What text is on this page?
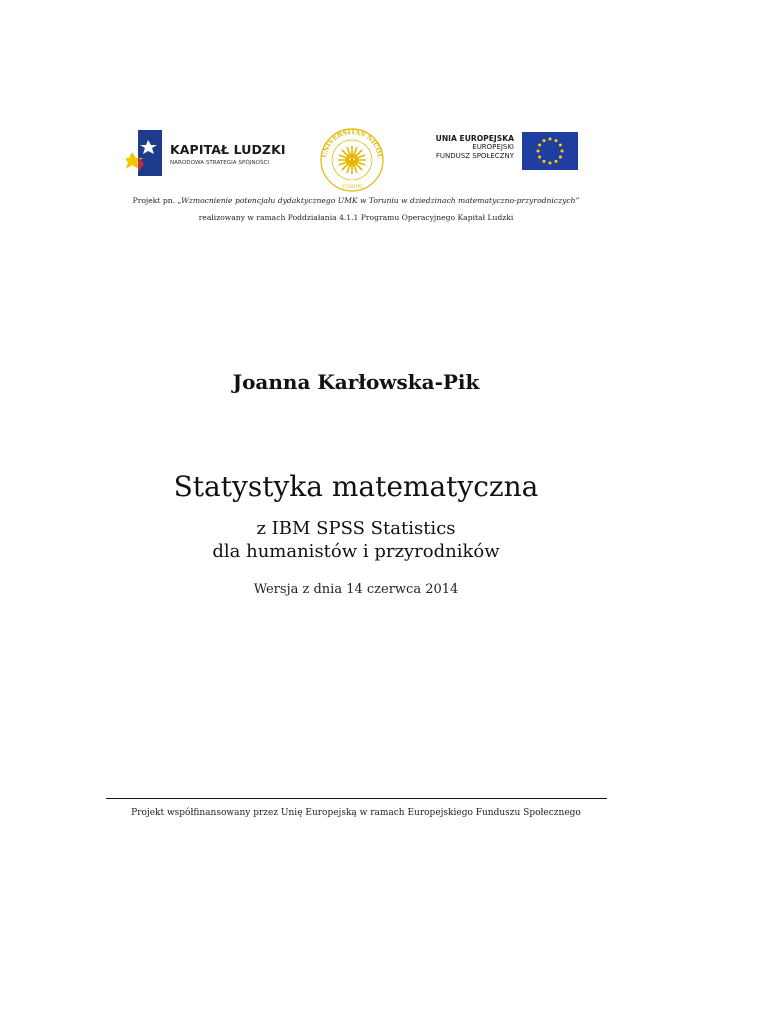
KAPITAŁ LUDZKI
NARODOWA STRATEGIA SPÓJNOŚCI
UNIVERSITAS NICOL
TORUN
UNIA EUROPEJSKA
EUROPEJSKI
FUNDUSZ SPOŁECZNY
Projekt pn. „Wzmocnienie potencjału dydaktycznego UMK w Toruniu w dziedzinach matematyczno-przyrodniczych”
realizowany w ramach Poddziałania 4.1.1 Programu Operacyjnego Kapitał Ludzki
Joanna Karłowska-Pik
Statystyka matematyczna
z IBM SPSS Statistics
dla humanistów i przyrodników
Wersja z dnia 14 czerwca 2014
Projekt współfinansowany przez Unię Europejską w ramach Europejskiego Funduszu Społecznego
